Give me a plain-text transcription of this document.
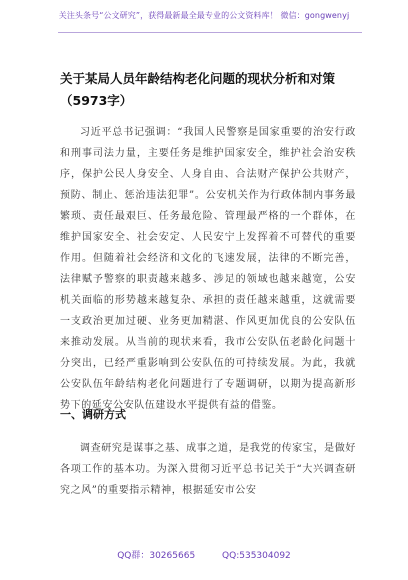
关注头条号“公文研究”，获得最新最全最专业的公文资料库！ 微信：gongwenyj
关于某局人员年龄结构老化问题的现状分析和对策（5973字）

习近平总书记强调：“我国人民警察是国家重要的治安行政和刑事司法力量，主要任务是维护国家安全，维护社会治安秩序，保护公民人身安全、人身自由、合法财产保护公共财产，预防、制止、惩治违法犯罪”。公安机关作为行政体制内事务最繁琐、责任最艰巨、任务最危险、管理最严格的一个群体，在维护国家安全、社会安定、人民安宁上发挥着不可替代的重要作用。但随着社会经济和文化的飞速发展，法律的不断完善，法律赋予警察的职责越来越多、涉足的领域也越来越宽，公安机关面临的形势越来越复杂、承担的责任越来越重，这就需要一支政治更加过硬、业务更加精湛、作风更加优良的公安队伍来推动发展。从当前的现状来看，我市公安队伍老龄化问题十分突出，已经严重影响到公安队伍的可持续发展。为此，我就公安队伍年龄结构老化问题进行了专题调研，以期为提高新形势下的延安公安队伍建设水平提供有益的借鉴。

一、调研方式

调查研究是谋事之基、成事之道，是我党的传家宝，是做好各项工作的基本功。为深入贯彻习近平总书记关于“大兴调查研究之风”的重要指示精神，根据延安市公安

QQ群：30265665	QQ:535304092
